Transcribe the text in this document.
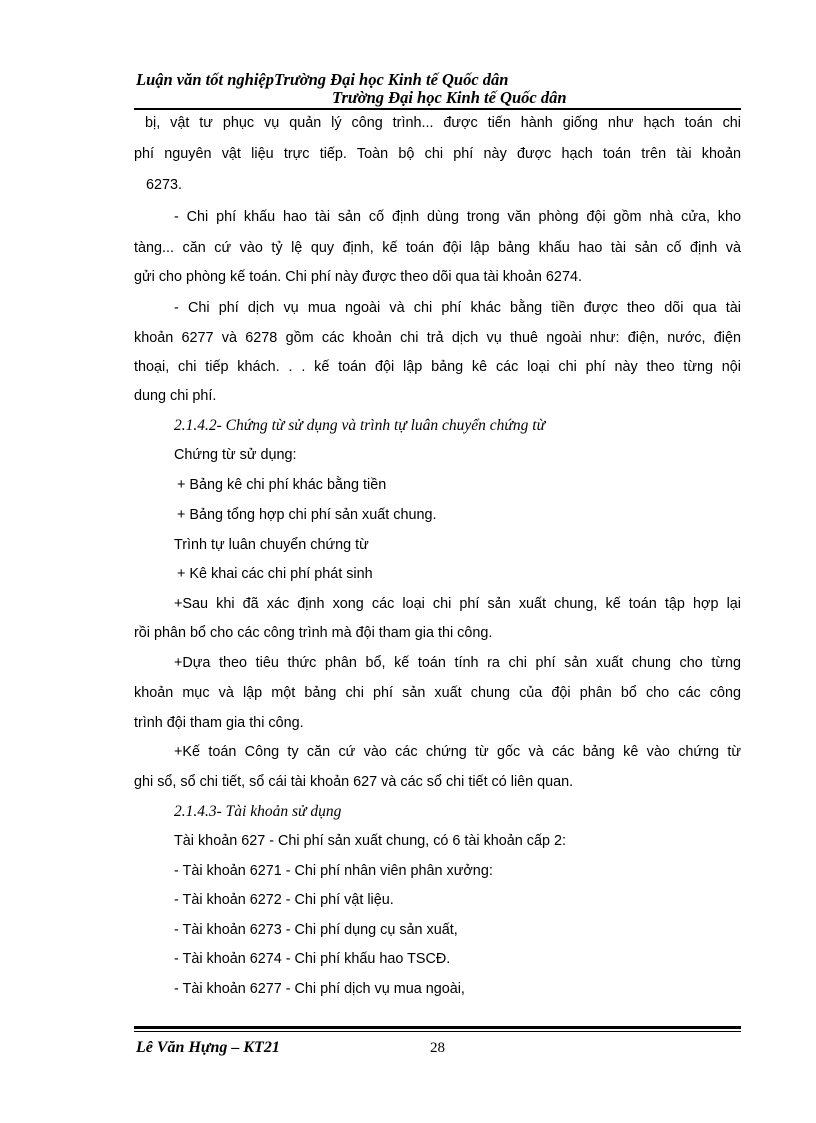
Luận văn tốt nghiệpTrường Đại học Kinh tế Quốc dân
Trường Đại học Kinh tế Quốc dân
bị, vật tư phục vụ quản lý công trình... được tiến hành giống như hạch toán chi
phí nguyên vật liệu trực tiếp. Toàn bộ chi phí này được hạch toán trên tài khoản
6273.
- Chi phí khấu hao tài sản cố định dùng trong văn phòng đội gồm nhà cửa, kho
tàng... căn cứ vào tỷ lệ quy định, kế toán đội lập bảng khấu hao tài sản cố định và
gửi cho phòng kế toán. Chi phí này được theo dõi qua tài khoản 6274.
- Chi phí dịch vụ mua ngoài và chi phí khác bằng tiền được theo dõi qua tài
khoản 6277 và 6278 gồm các khoản chi trả dịch vụ thuê ngoài như: điện, nước, điện
thoại, chi tiếp khách. . . kế toán đội lập bảng kê các loại chi phí này theo từng nội
dung chi phí.
2.1.4.2- Chứng từ sử dụng và trình tự luân chuyển chứng từ
Chứng từ sử dụng:
+ Bảng kê chi phí khác bằng tiền
+ Bảng tổng hợp chi phí sản xuất chung.
Trình tự luân chuyển chứng từ
+ Kê khai các chi phí phát sinh
+Sau khi đã xác định xong các loại chi phí sản xuất chung, kế toán tập hợp lại
rồi phân bổ cho các công trình mà đội tham gia thi công.
+Dựa theo tiêu thức phân bổ, kế toán tính ra chi phí sản xuất chung cho từng
khoản mục và lập một bảng chi phí sản xuất chung của đội phân bổ cho các công
trình đội tham gia thi công.
+Kế toán Công ty căn cứ vào các chứng từ gốc và các bảng kê vào chứng từ
ghi sổ, sổ chi tiết, sổ cái tài khoản 627 và các sổ chi tiết có liên quan.
2.1.4.3- Tài khoản sử dụng
Tài khoản 627 - Chi phí sản xuất chung, có 6 tài khoản cấp 2:
- Tài khoản 6271 - Chi phí nhân viên phân xưởng:
- Tài khoản 6272 - Chi phí vật liệu.
- Tài khoản 6273 - Chi phí dụng cụ sản xuất,
- Tài khoản 6274 - Chi phí khấu hao TSCĐ.
- Tài khoản 6277 - Chi phí dịch vụ mua ngoài,
Lê Văn Hựng – KT21	28
